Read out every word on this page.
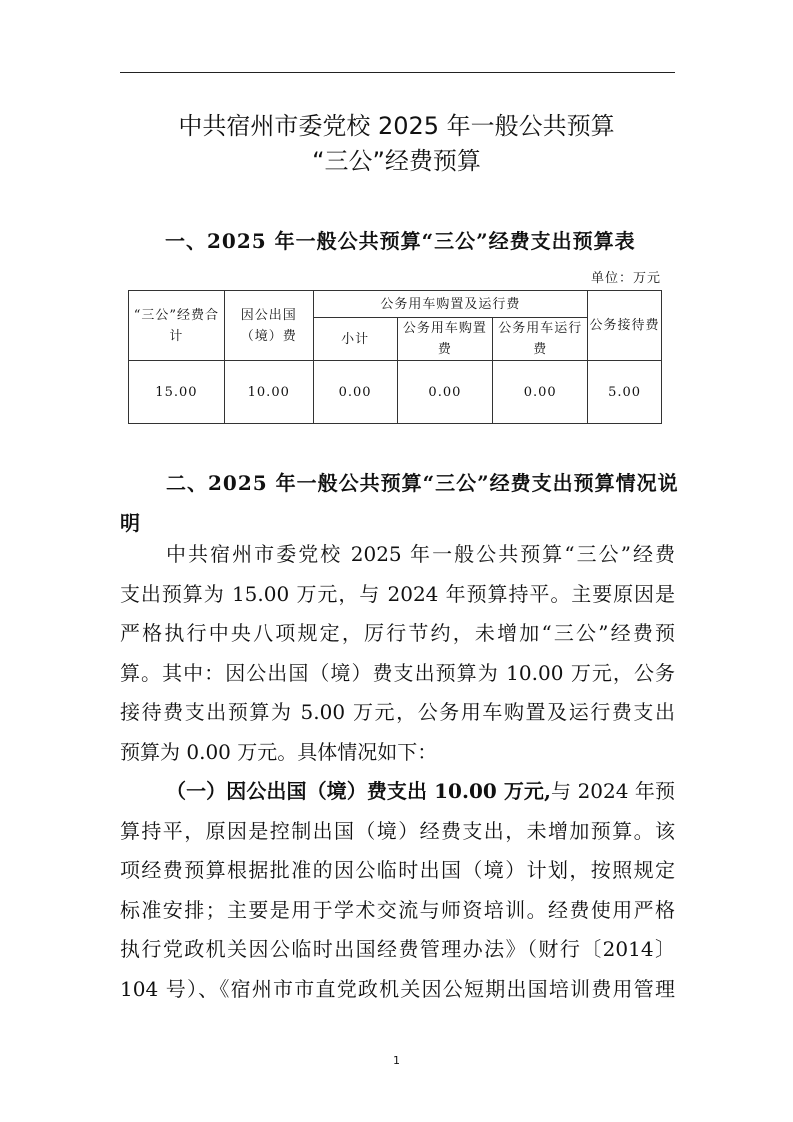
中共宿州市委党校 2025 年一般公共预算
“三公”经费预算
一、2025 年一般公共预算“三公”经费支出预算表
单位：万元
“三公”经费合计	因公出国（境）费	公务用车购置及运行费			公务接待费
		小计	公务用车购置费	公务用车运行费	
15.00	10.00	0.00	0.00	0.00	5.00
二、2025 年一般公共预算“三公”经费支出预算情况说
明
中共宿州市委党校 2025 年一般公共预算“三公”经费
支出预算为 15.00 万元，与 2024 年预算持平。主要原因是
严格执行中央八项规定，厉行节约，未增加“三公”经费预
算。其中：因公出国（境）费支出预算为 10.00 万元，公务
接待费支出预算为 5.00 万元，公务用车购置及运行费支出
预算为 0.00 万元。具体情况如下：
（一）因公出国（境）费支出 10.00 万元,与 2024 年预
算持平，原因是控制出国（境）经费支出，未增加预算。该
项经费预算根据批准的因公临时出国（境）计划，按照规定
标准安排；主要是用于学术交流与师资培训。经费使用严格
执行党政机关因公临时出国经费管理办法》（财行〔2014〕
104 号）、《宿州市市直党政机关因公短期出国培训费用管理
1
